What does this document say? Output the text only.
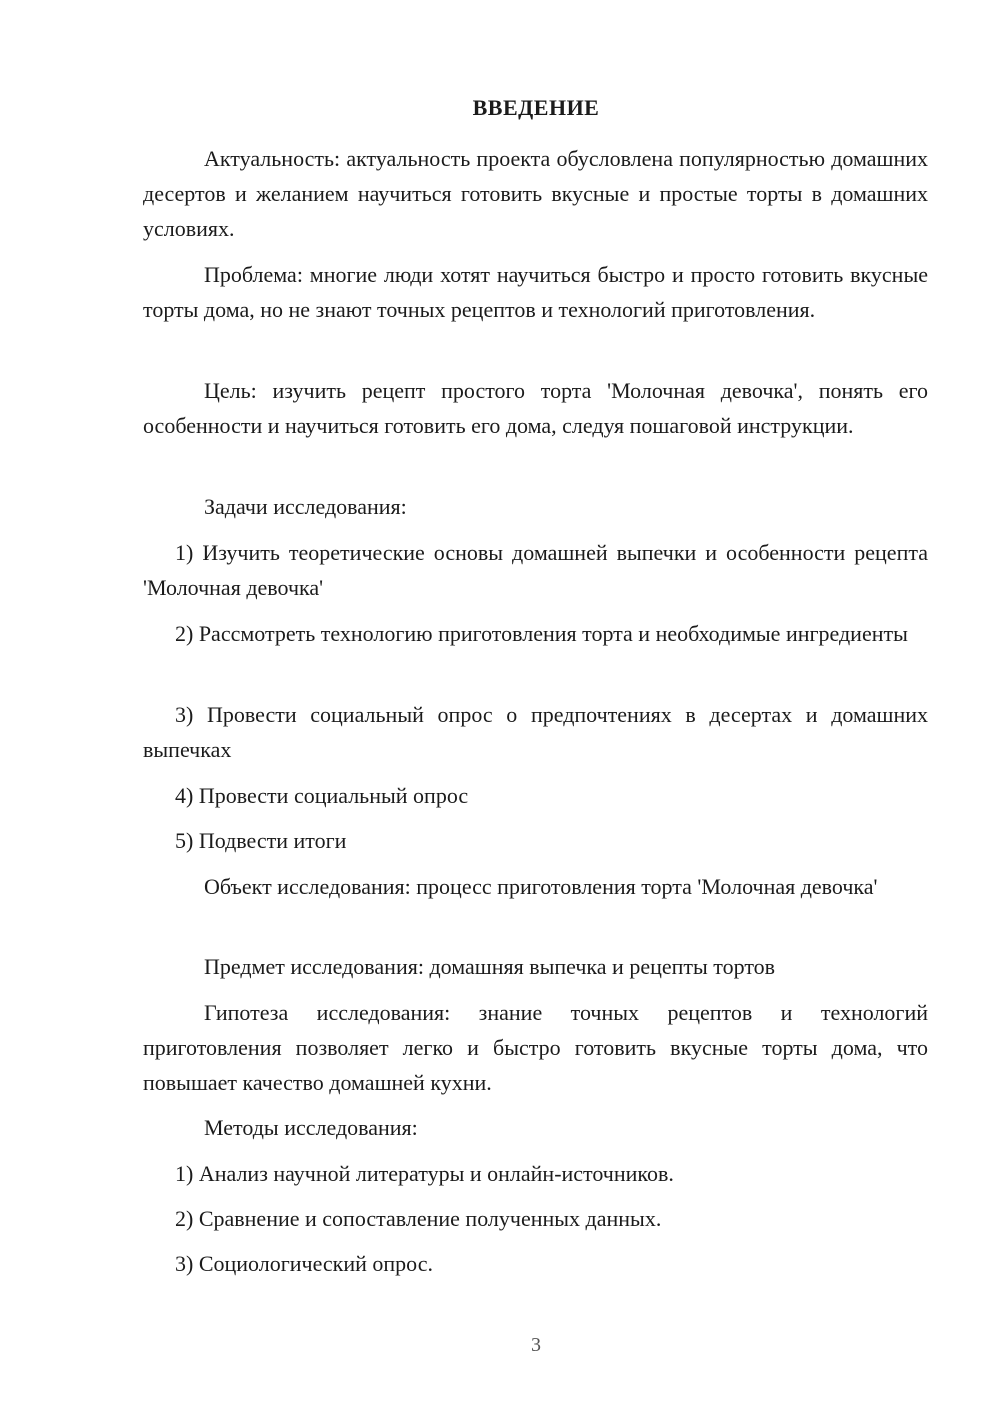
ВВЕДЕНИЕ

Актуальность: актуальность проекта обусловлена популярностью домашних десертов и желанием научиться готовить вкусные и простые торты в домашних условиях.

Проблема: многие люди хотят научиться быстро и просто готовить вкусные торты дома, но не знают точных рецептов и технологий приготовления.

Цель: изучить рецепт простого торта 'Молочная девочка', понять его особенности и научиться готовить его дома, следуя пошаговой инструкции.

Задачи исследования:

1) Изучить теоретические основы домашней выпечки и особенности рецепта 'Молочная девочка'

2) Рассмотреть технологию приготовления торта и необходимые ингредиенты

3) Провести социальный опрос о предпочтениях в десертах и домашних выпечках

4) Провести социальный опрос

5) Подвести итоги

Объект исследования: процесс приготовления торта 'Молочная девочка'

Предмет исследования: домашняя выпечка и рецепты тортов

Гипотеза исследования: знание точных рецептов и технологий приготовления позволяет легко и быстро готовить вкусные торты дома, что повышает качество домашней кухни.

Методы исследования:

1) Анализ научной литературы и онлайн-источников.

2) Сравнение и сопоставление полученных данных.

3) Социологический опрос.

3
